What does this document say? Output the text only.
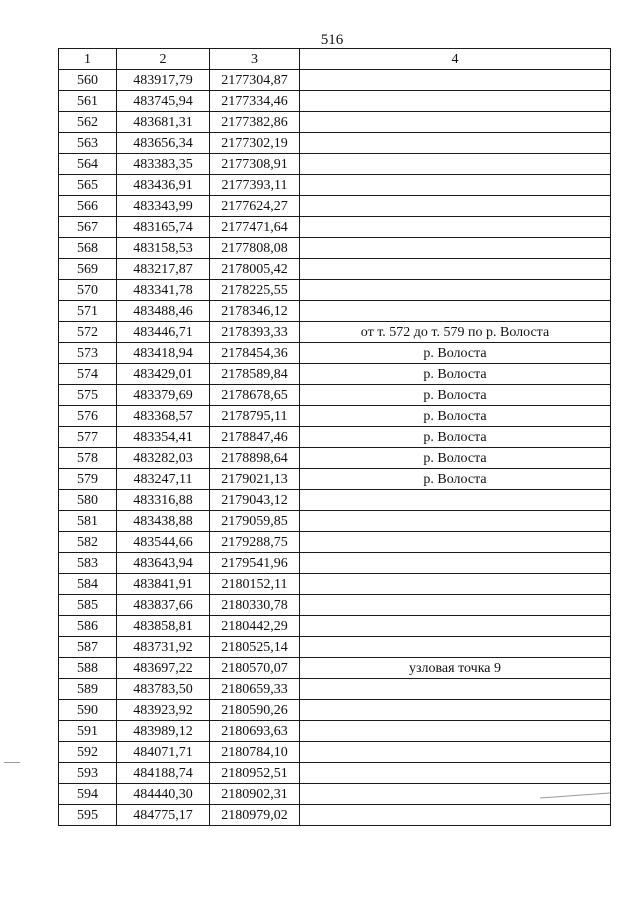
516
1	2	3	4
560	483917,79	2177304,87	
561	483745,94	2177334,46	
562	483681,31	2177382,86	
563	483656,34	2177302,19	
564	483383,35	2177308,91	
565	483436,91	2177393,11	
566	483343,99	2177624,27	
567	483165,74	2177471,64	
568	483158,53	2177808,08	
569	483217,87	2178005,42	
570	483341,78	2178225,55	
571	483488,46	2178346,12	
572	483446,71	2178393,33	от т. 572 до т. 579 по р. Волоста
573	483418,94	2178454,36	р. Волоста
574	483429,01	2178589,84	р. Волоста
575	483379,69	2178678,65	р. Волоста
576	483368,57	2178795,11	р. Волоста
577	483354,41	2178847,46	р. Волоста
578	483282,03	2178898,64	р. Волоста
579	483247,11	2179021,13	р. Волоста
580	483316,88	2179043,12	
581	483438,88	2179059,85	
582	483544,66	2179288,75	
583	483643,94	2179541,96	
584	483841,91	2180152,11	
585	483837,66	2180330,78	
586	483858,81	2180442,29	
587	483731,92	2180525,14	
588	483697,22	2180570,07	узловая точка 9
589	483783,50	2180659,33	
590	483923,92	2180590,26	
591	483989,12	2180693,63	
592	484071,71	2180784,10	
593	484188,74	2180952,51	
594	484440,30	2180902,31	
595	484775,17	2180979,02	
